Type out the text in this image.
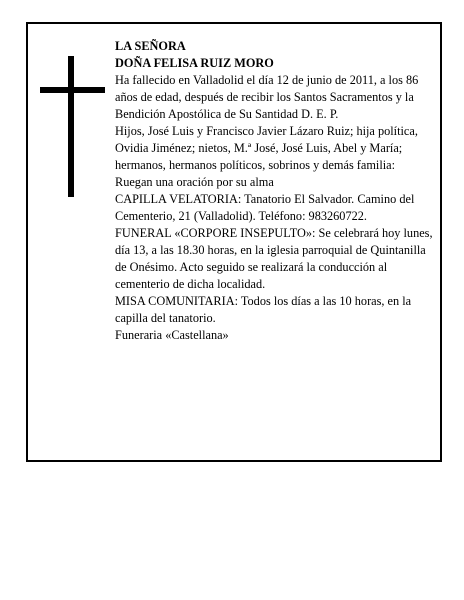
LA SEÑORA

DOÑA FELISA RUIZ MORO

Ha fallecido en Valladolid el día 12 de junio de 2011, a los 86 años de edad, después de recibir los Santos Sacramentos y la Bendición Apostólica de Su Santidad D. E. P.

Hijos, José Luis y Francisco Javier Lázaro Ruiz; hija política, Ovidia Jiménez; nietos, M.ª José, José Luis, Abel y María; hermanos, hermanos políticos, sobrinos y demás familia:

Ruegan una oración por su alma

CAPILLA VELATORIA: Tanatorio El Salvador. Camino del Cementerio, 21 (Valladolid). Teléfono: 983260722.

FUNERAL «CORPORE INSEPULTO»: Se celebrará hoy lunes, día 13, a las 18.30 horas, en la iglesia parroquial de Quintanilla de Onésimo. Acto seguido se realizará la conducción al cementerio de dicha localidad.

MISA COMUNITARIA: Todos los días a las 10 horas, en la capilla del tanatorio.

Funeraria «Castellana»
